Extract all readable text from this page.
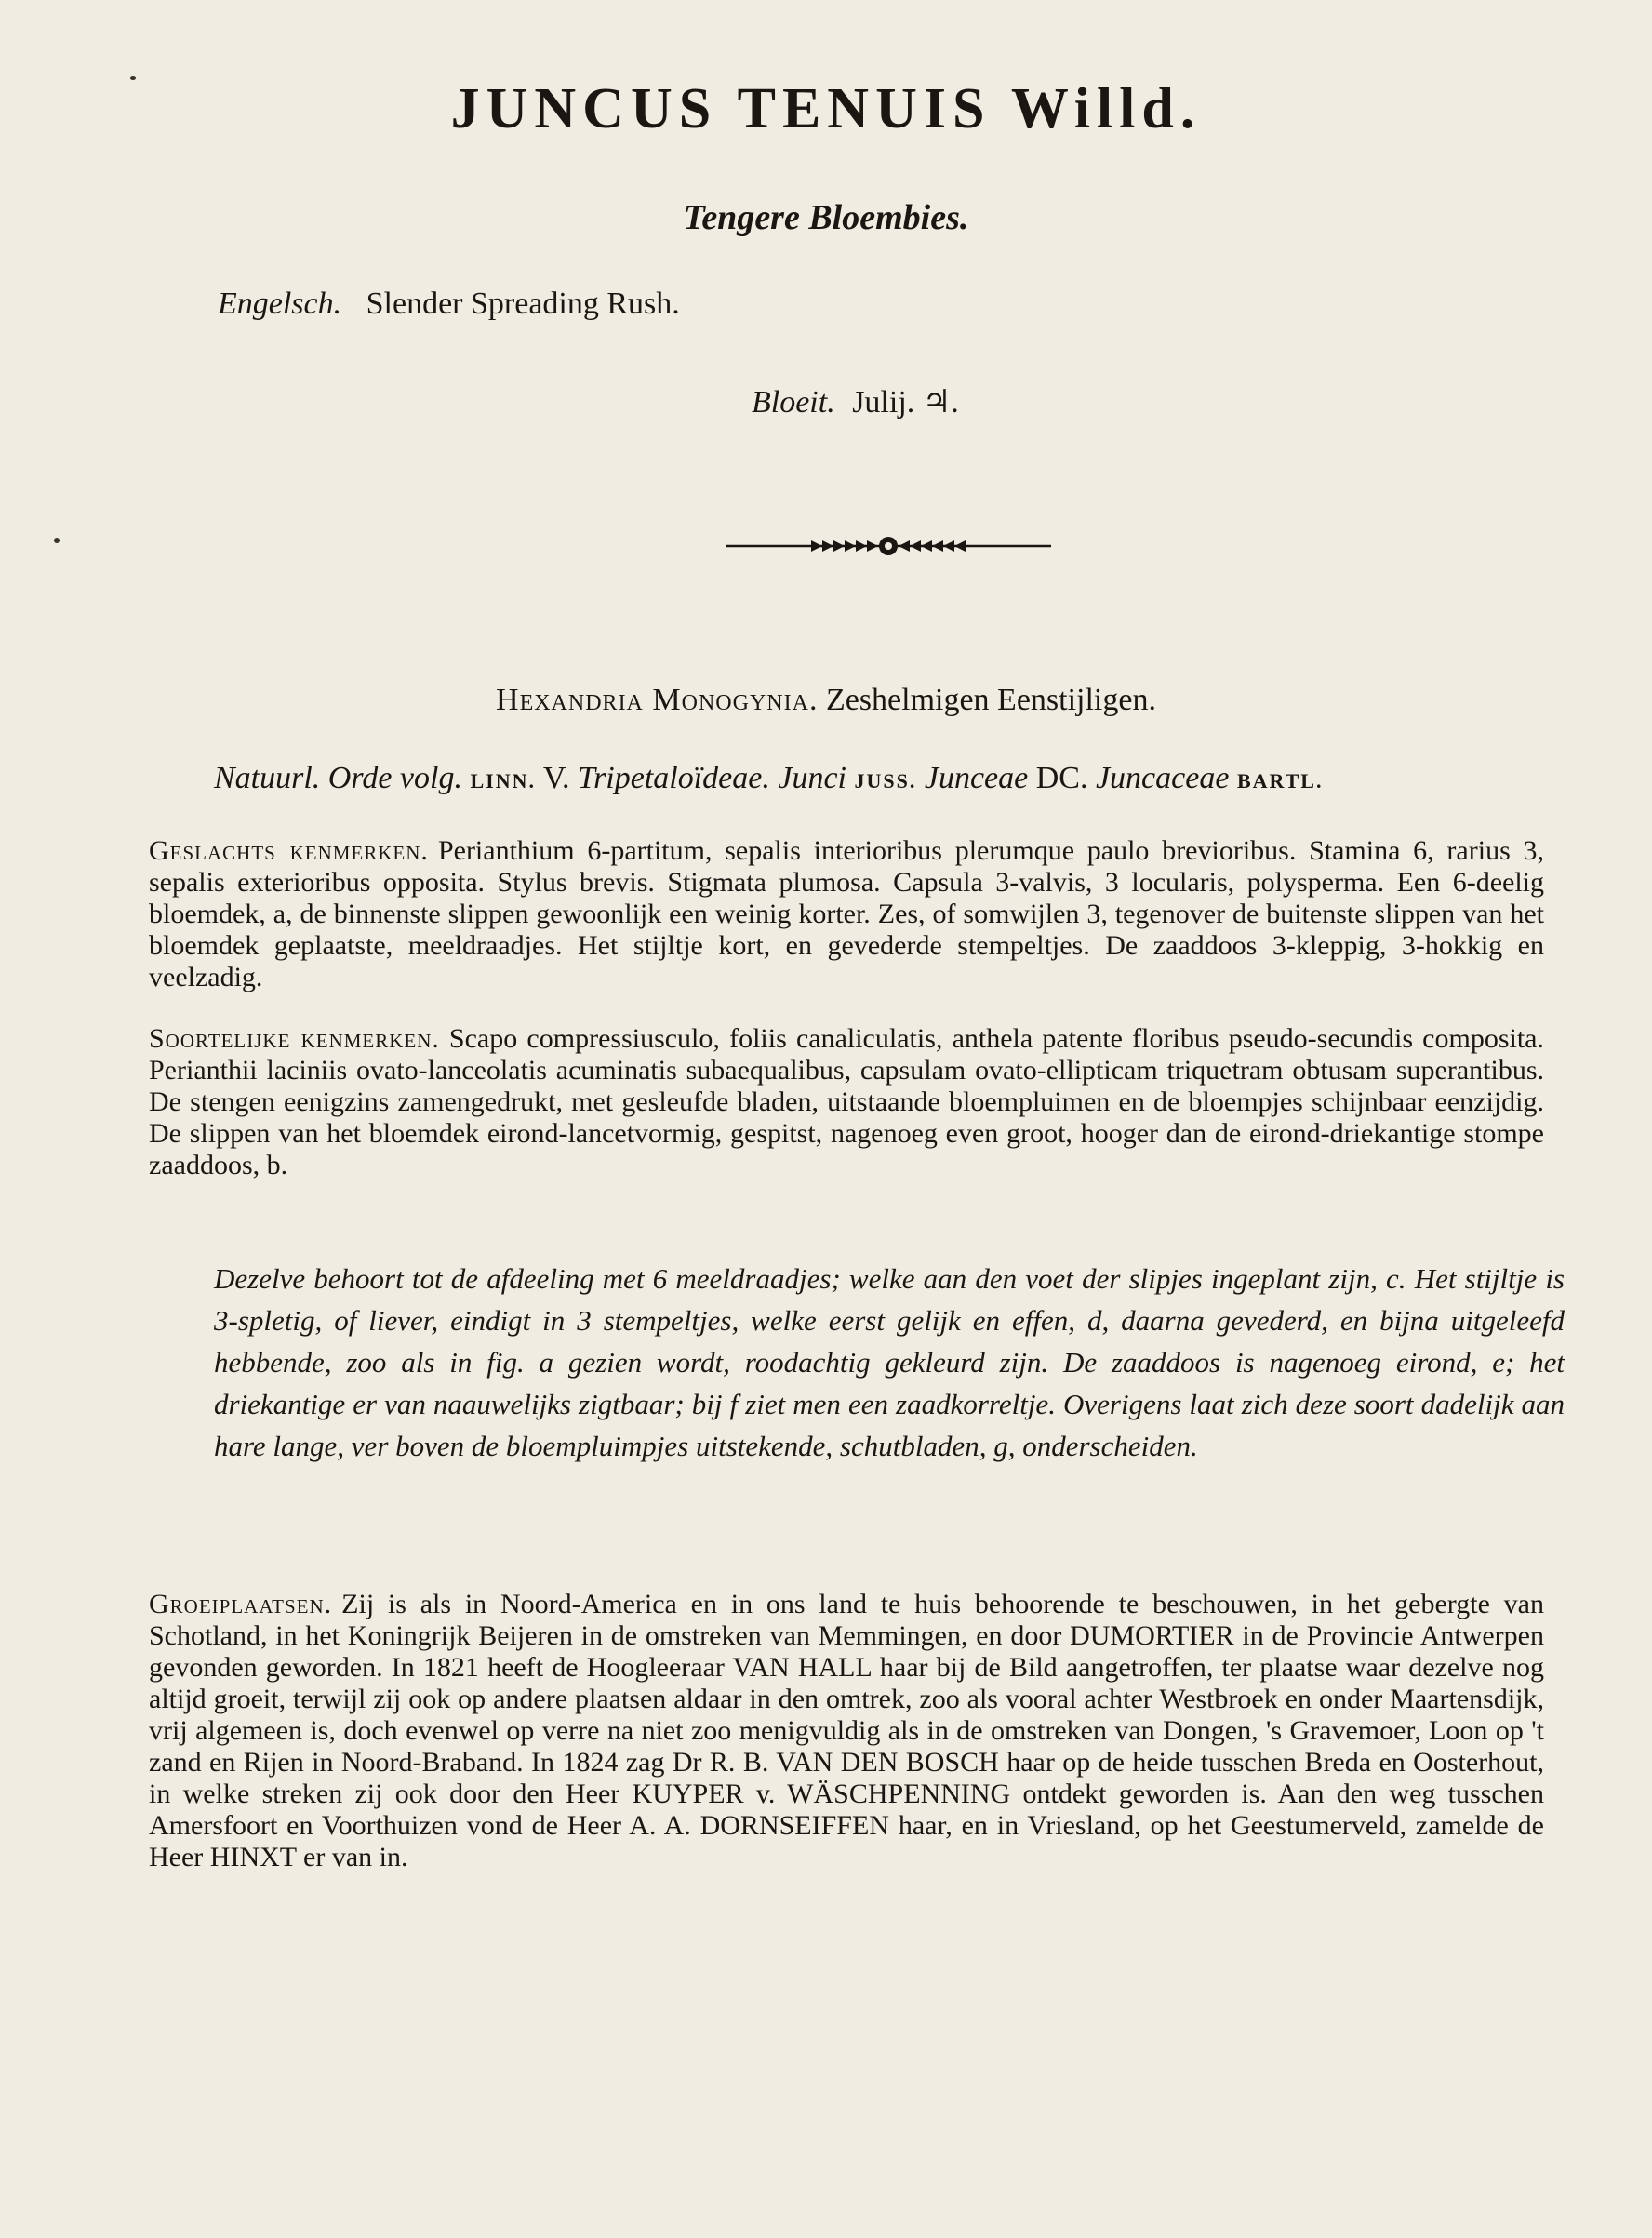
JUNCUS TENUIS Willd.
Tengere Bloembies.
Engelsch. Slender Spreading Rush.
Bloeit. Julij. ♃.
Hexandria Monogynia. Zeshelmigen Eenstijligen.
Natuurl. Orde volg. LINN. V. Tripetaloïdeae. Junci JUSS. Junceae DC. Juncaceae BARTL.
Geslachts kenmerken. Perianthium 6-partitum, sepalis interioribus plerumque paulo brevioribus. Stamina 6, rarius 3, sepalis exterioribus opposita. Stylus brevis. Stigmata plumosa. Capsula 3-valvis, 3 locularis, polysperma. Een 6-deelig bloemdek, a, de binnenste slippen gewoonlijk een weinig korter. Zes, of somwijlen 3, tegenover de buitenste slippen van het bloemdek geplaatste, meeldraadjes. Het stijltje kort, en gevederde stempeltjes. De zaaddoos 3-kleppig, 3-hokkig en veelzadig.
Soortelijke kenmerken. Scapo compressiusculo, foliis canaliculatis, anthela patente floribus pseudo-secundis composita. Perianthii laciniis ovato-lanceolatis acuminatis subaequalibus, capsulam ovato-ellipticam triquetram obtusam superantibus. De stengen eenigzins zamengedrukt, met gesleufde bladen, uitstaande bloempluimen en de bloempjes schijnbaar eenzijdig. De slippen van het bloemdek eirond-lancetvormig, gespitst, nagenoeg even groot, hooger dan de eirond-driekantige stompe zaaddoos, b.
Dezelve behoort tot de afdeeling met 6 meeldraadjes; welke aan den voet der slipjes ingeplant zijn, c. Het stijltje is 3-spletig, of liever, eindigt in 3 stempeltjes, welke eerst gelijk en effen, d, daarna gevederd, en bijna uitgeleefd hebbende, zoo als in fig. a gezien wordt, roodachtig gekleurd zijn. De zaaddoos is nagenoeg eirond, e; het driekantige er van naauwelijks zigtbaar; bij f ziet men een zaadkorreltje. Overigens laat zich deze soort dadelijk aan hare lange, ver boven de bloempluimpjes uitstekende, schutbladen, g, onderscheiden.
Groeiplaatsen. Zij is als in Noord-America en in ons land te huis behoorende te beschouwen, in het gebergte van Schotland, in het Koningrijk Beijeren in de omstreken van Memmingen, en door DUMORTIER in de Provincie Antwerpen gevonden geworden. In 1821 heeft de Hoogleeraar VAN HALL haar bij de Bild aangetroffen, ter plaatse waar dezelve nog altijd groeit, terwijl zij ook op andere plaatsen aldaar in den omtrek, zoo als vooral achter Westbroek en onder Maartensdijk, vrij algemeen is, doch evenwel op verre na niet zoo menigvuldig als in de omstreken van Dongen, 's Gravemoer, Loon op 't zand en Rijen in Noord-Braband. In 1824 zag Dr R. B. VAN DEN BOSCH haar op de heide tusschen Breda en Oosterhout, in welke streken zij ook door den Heer KUYPER v. WÄSCHPENNING ontdekt geworden is. Aan den weg tusschen Amersfoort en Voorthuizen vond de Heer A. A. DORNSEIFFEN haar, en in Vriesland, op het Geestumerveld, zamelde de Heer HINXT er van in.
